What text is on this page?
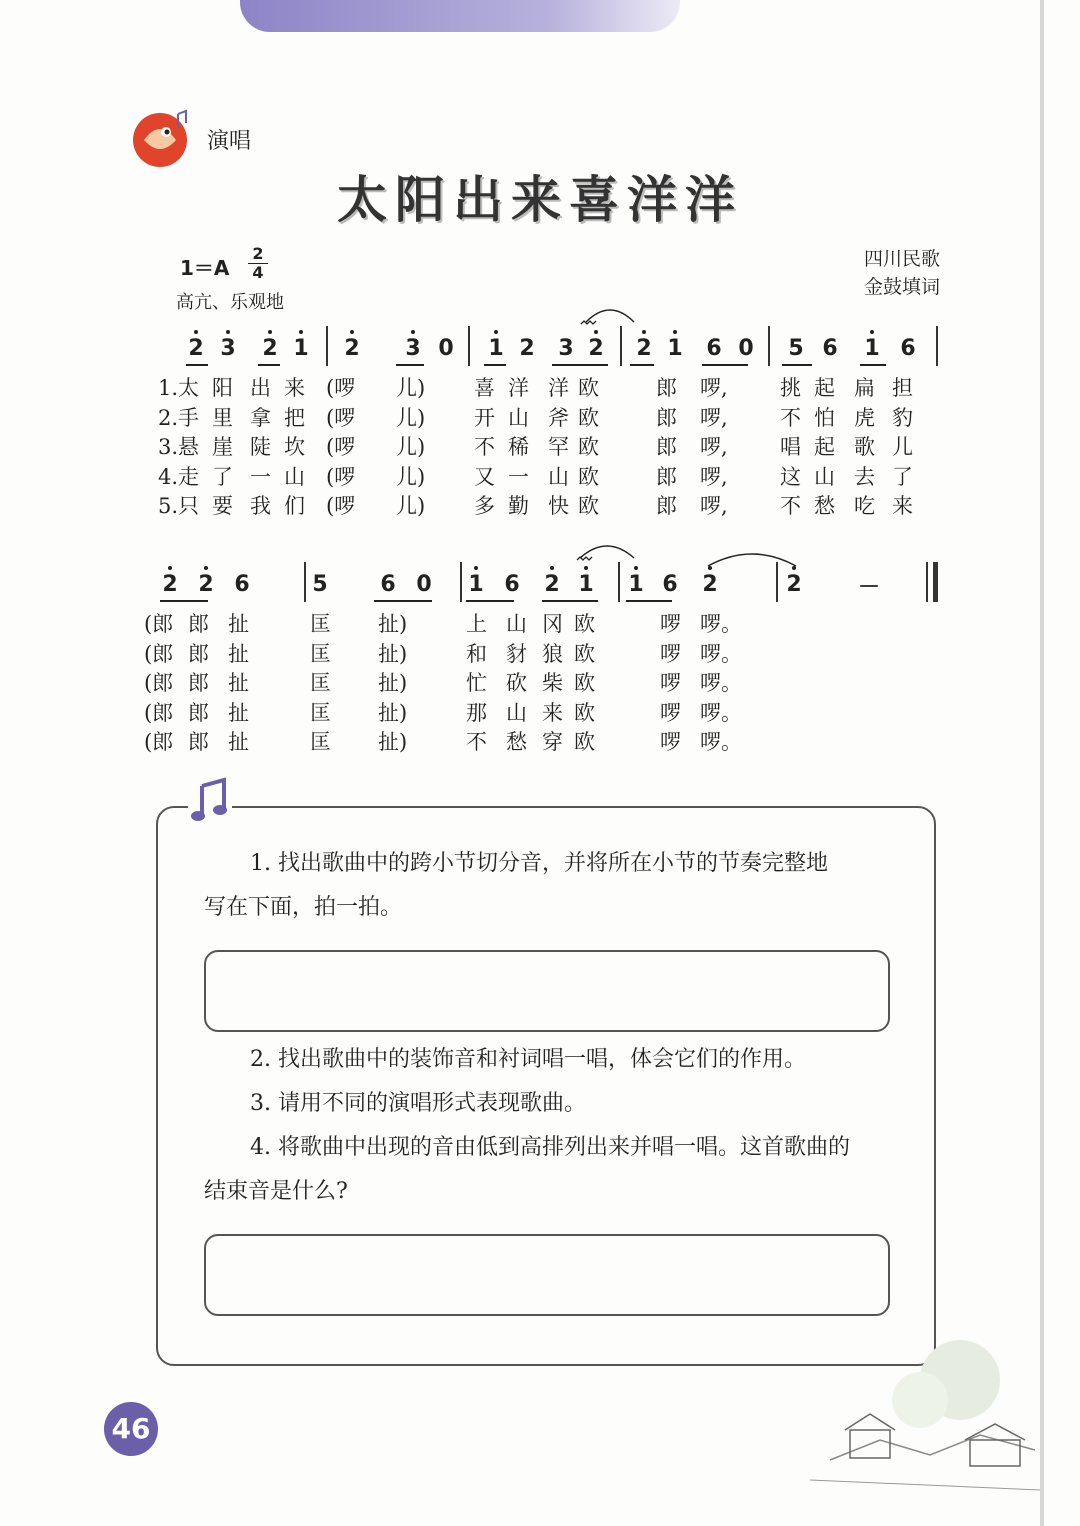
演唱
太阳出来喜洋洋
1＝A
2
4
高亢、乐观地
四川民歌
金鼓填词
2 3 2 1 2 3 0 1 2 3 2 2 1 6 0 5 6 1 6
1.太 阳 出 来 (啰 儿) 喜 洋 洋 欧	郎 啰, 挑 起 扁 担
2.手 里 拿 把 (啰 儿) 开 山 斧 欧	郎 啰, 不 怕 虎 豹
3.悬 崖 陡 坎 (啰 儿) 不 稀 罕 欧	郎 啰, 唱 起 歌 儿
4.走 了 一 山 (啰 儿) 又 一 山 欧	郎 啰, 这 山 去 了
5.只 要 我 们 (啰 儿) 多 勤 快 欧	郎 啰, 不 愁 吃 来
2 2 6	5 6 0 1 6 2 1 1 6 2	2	－
(郎 郎 扯	匡 扯)	上 山 冈 欧	啰 啰。
(郎 郎 扯	匡 扯)	和 豺 狼 欧	啰 啰。
(郎 郎 扯	匡 扯)	忙 砍 柴 欧	啰 啰。
(郎 郎 扯	匡 扯)	那 山 来 欧	啰 啰。
(郎 郎 扯	匡 扯)	不 愁 穿 欧	啰 啰。
1. 找出歌曲中的跨小节切分音，并将所在小节的节奏完整地
写在下面，拍一拍。
2. 找出歌曲中的装饰音和衬词唱一唱，体会它们的作用。
3. 请用不同的演唱形式表现歌曲。
4. 将歌曲中出现的音由低到高排列出来并唱一唱。这首歌曲的
结束音是什么?
46
